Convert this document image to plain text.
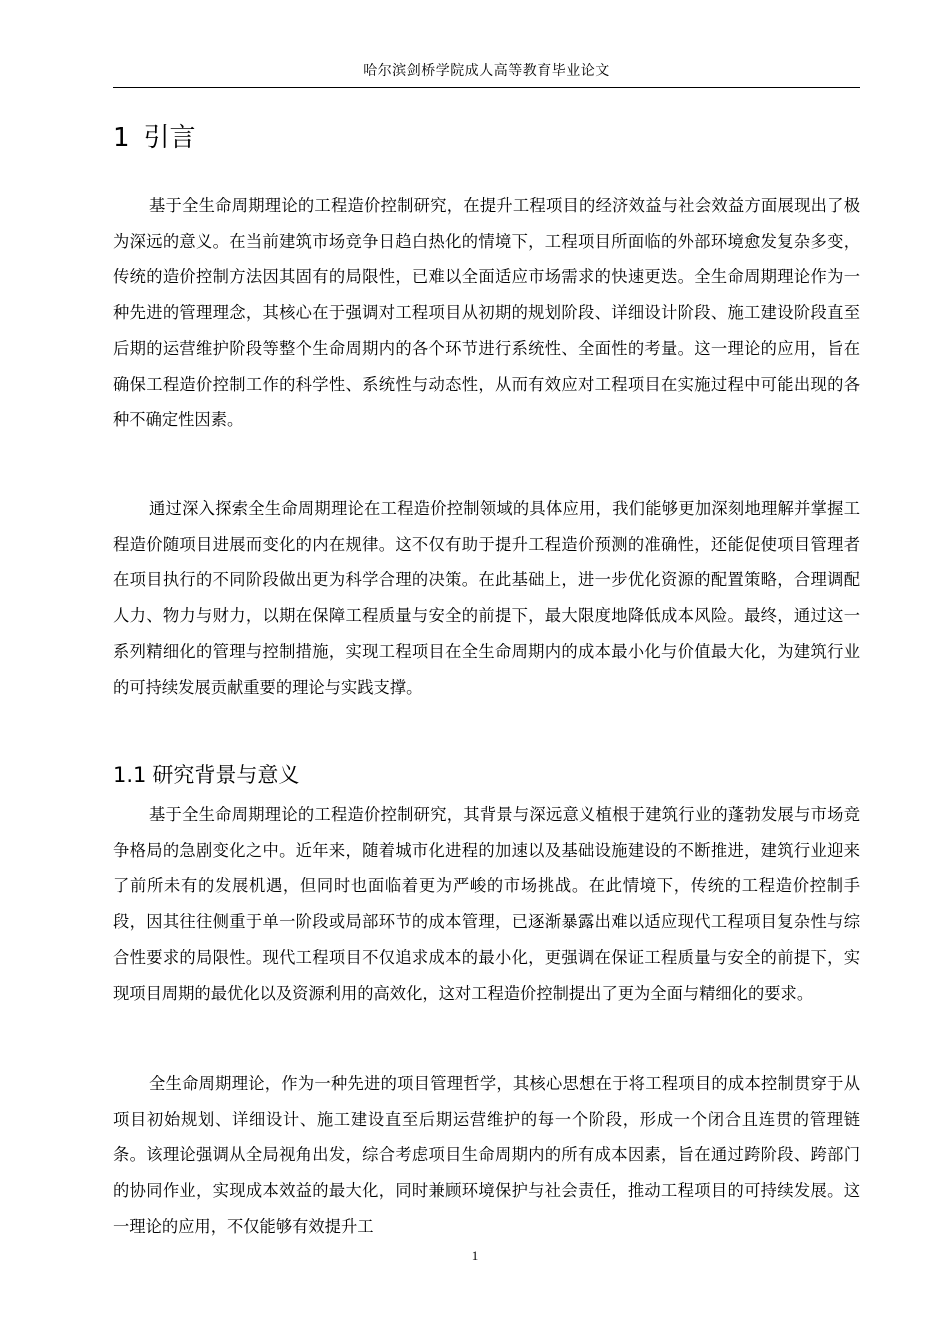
哈尔滨剑桥学院成人高等教育毕业论文
1 引言

基于全生命周期理论的工程造价控制研究，在提升工程项目的经济效益与社会效益方面展现出了极为深远的意义。在当前建筑市场竞争日趋白热化的情境下，工程项目所面临的外部环境愈发复杂多变，传统的造价控制方法因其固有的局限性，已难以全面适应市场需求的快速更迭。全生命周期理论作为一种先进的管理理念，其核心在于强调对工程项目从初期的规划阶段、详细设计阶段、施工建设阶段直至后期的运营维护阶段等整个生命周期内的各个环节进行系统性、全面性的考量。这一理论的应用，旨在确保工程造价控制工作的科学性、系统性与动态性，从而有效应对工程项目在实施过程中可能出现的各种不确定性因素。

通过深入探索全生命周期理论在工程造价控制领域的具体应用，我们能够更加深刻地理解并掌握工程造价随项目进展而变化的内在规律。这不仅有助于提升工程造价预测的准确性，还能促使项目管理者在项目执行的不同阶段做出更为科学合理的决策。在此基础上，进一步优化资源的配置策略，合理调配人力、物力与财力，以期在保障工程质量与安全的前提下，最大限度地降低成本风险。最终，通过这一系列精细化的管理与控制措施，实现工程项目在全生命周期内的成本最小化与价值最大化，为建筑行业的可持续发展贡献重要的理论与实践支撑。

1.1 研究背景与意义

基于全生命周期理论的工程造价控制研究，其背景与深远意义植根于建筑行业的蓬勃发展与市场竞争格局的急剧变化之中。近年来，随着城市化进程的加速以及基础设施建设的不断推进，建筑行业迎来了前所未有的发展机遇，但同时也面临着更为严峻的市场挑战。在此情境下，传统的工程造价控制手段，因其往往侧重于单一阶段或局部环节的成本管理，已逐渐暴露出难以适应现代工程项目复杂性与综合性要求的局限性。现代工程项目不仅追求成本的最小化，更强调在保证工程质量与安全的前提下，实现项目周期的最优化以及资源利用的高效化，这对工程造价控制提出了更为全面与精细化的要求。

全生命周期理论，作为一种先进的项目管理哲学，其核心思想在于将工程项目的成本控制贯穿于从项目初始规划、详细设计、施工建设直至后期运营维护的每一个阶段，形成一个闭合且连贯的管理链条。该理论强调从全局视角出发，综合考虑项目生命周期内的所有成本因素，旨在通过跨阶段、跨部门的协同作业，实现成本效益的最大化，同时兼顾环境保护与社会责任，推动工程项目的可持续发展。这一理论的应用，不仅能够有效提升工

1
